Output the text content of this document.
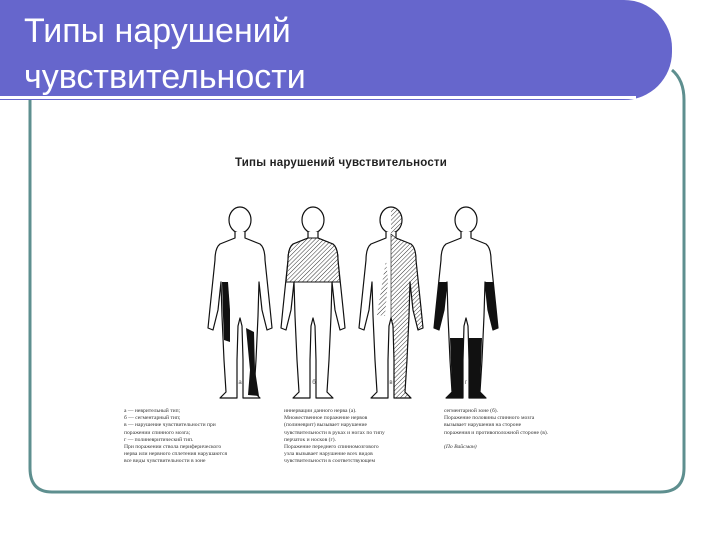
Типы нарушений
чувствительности
Типы нарушений чувствительности
а	б	в	г
а — неврительный тип;
б — сегментарный тип;
в — нарушение чувствительности при
поражении спинного мозга;
г — полиневритический тип.
При поражении ствола периферического
нерва или нервного сплетения нарушаются
все виды чувствительности в зоне
иннервации данного нерва (а).
Множественное поражение нервов
(полиневрит) вызывает нарушение
чувствительности в руках и ногах по типу
перчаток и носков (г).
Поражение переднего спинномозгового
узла вызывает нарушение всех видов
чувствительности в соответствующем
сегментарной зоне (б).
Поражение половины спинного мозга
вызывает нарушения на стороне
поражения и противоположной стороне (в).

(По Вайсман)
